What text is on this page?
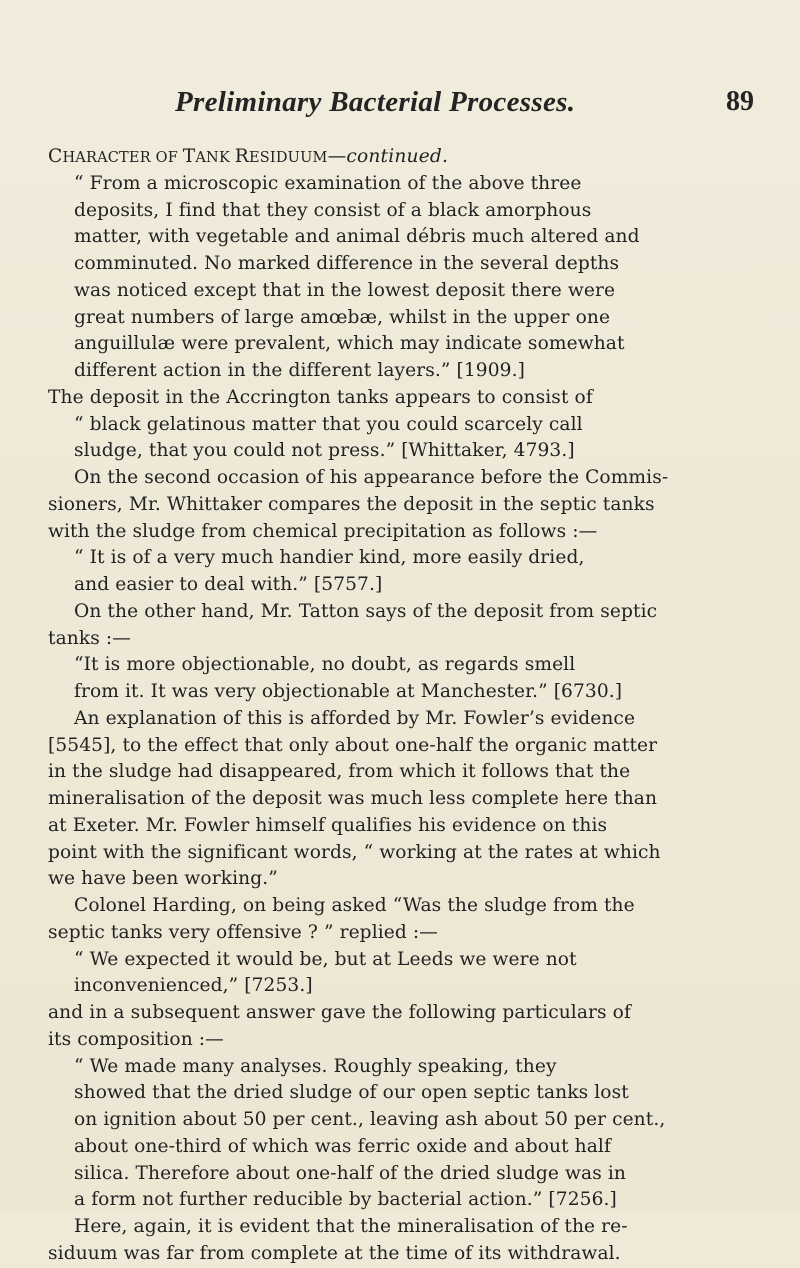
Preliminary Bacterial Processes.	89
CHARACTER OF TANK RESIDUUM—continued.
“ From a microscopic examination of the above three
deposits, I find that they consist of a black amorphous
matter, with vegetable and animal débris much altered and
comminuted. No marked difference in the several depths
was noticed except that in the lowest deposit there were
great numbers of large amœbæ, whilst in the upper one
anguillulæ were prevalent, which may indicate somewhat
different action in the different layers.” [1909.]
The deposit in the Accrington tanks appears to consist of
“ black gelatinous matter that you could scarcely call
sludge, that you could not press.” [Whittaker, 4793.]
On the second occasion of his appearance before the Commis-
sioners, Mr. Whittaker compares the deposit in the septic tanks
with the sludge from chemical precipitation as follows :—
“ It is of a very much handier kind, more easily dried,
and easier to deal with.” [5757.]
On the other hand, Mr. Tatton says of the deposit from septic
tanks :—
“It is more objectionable, no doubt, as regards smell
from it. It was very objectionable at Manchester.” [6730.]
An explanation of this is afforded by Mr. Fowler’s evidence
[5545], to the effect that only about one-half the organic matter
in the sludge had disappeared, from which it follows that the
mineralisation of the deposit was much less complete here than
at Exeter. Mr. Fowler himself qualifies his evidence on this
point with the significant words, “ working at the rates at which
we have been working.”
Colonel Harding, on being asked “Was the sludge from the
septic tanks very offensive ? ” replied :—
“ We expected it would be, but at Leeds we were not
inconvenienced,” [7253.]
and in a subsequent answer gave the following particulars of
its composition :—
“ We made many analyses. Roughly speaking, they
showed that the dried sludge of our open septic tanks lost
on ignition about 50 per cent., leaving ash about 50 per cent.,
about one-third of which was ferric oxide and about half
silica. Therefore about one-half of the dried sludge was in
a form not further reducible by bacterial action.” [7256.]
Here, again, it is evident that the mineralisation of the re-
siduum was far from complete at the time of its withdrawal.
